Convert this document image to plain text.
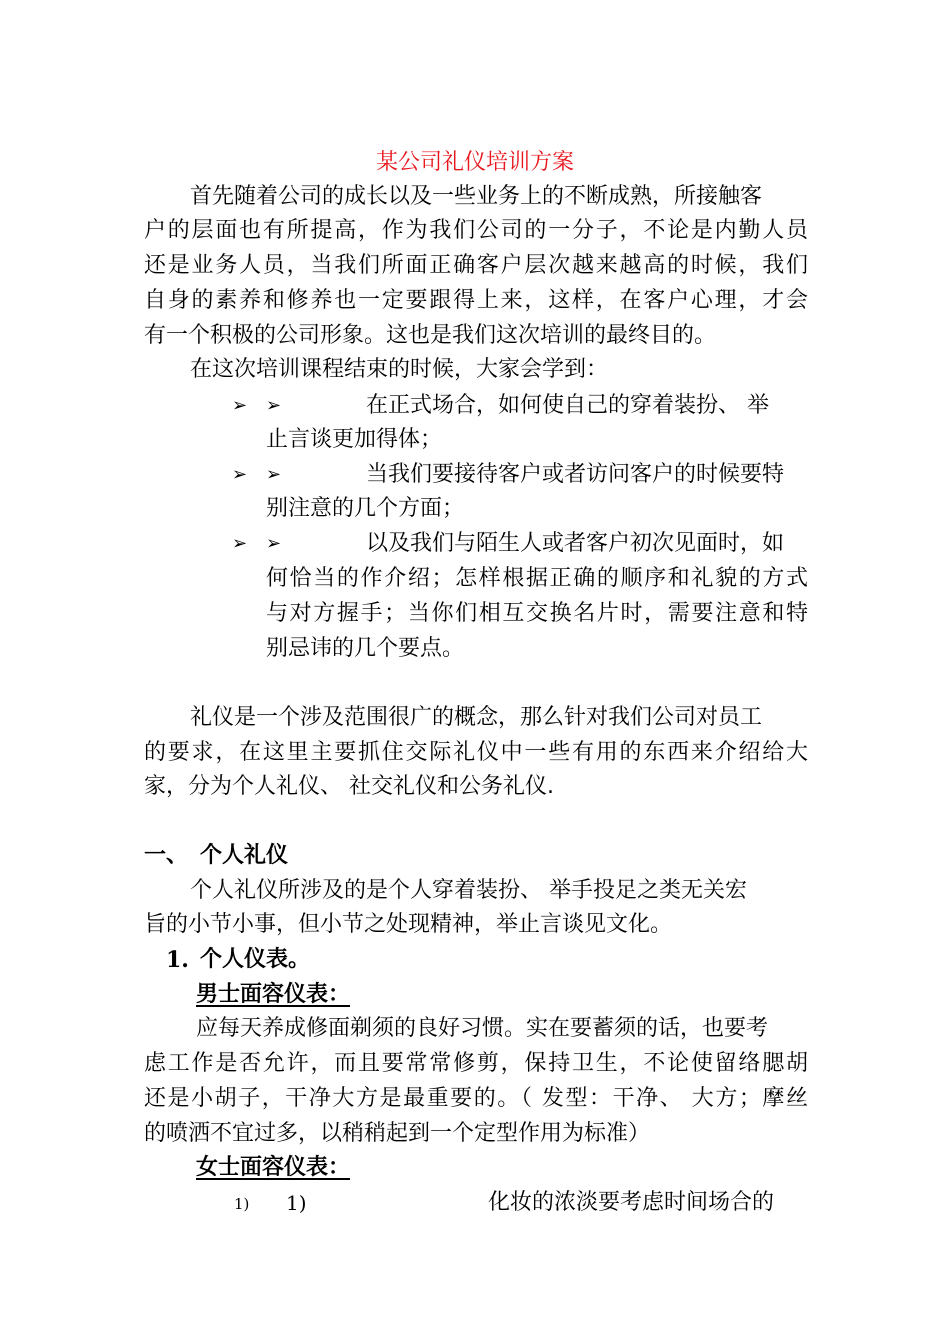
某公司礼仪培训方案
首先随着公司的成长以及一些业务上的不断成熟，所接触客
户的层面也有所提高，作为我们公司的一分子，不论是内勤人员
还是业务人员，当我们所面正确客户层次越来越高的时候，我们
自身的素养和修养也一定要跟得上来，这样，在客户心理，才会
有一个积极的公司形象。这也是我们这次培训的最终目的。
在这次培训课程结束的时候，大家会学到：
➢ ➢	在正式场合，如何使自己的穿着装扮、 举
止言谈更加得体；
➢ ➢	当我们要接待客户或者访问客户的时候要特
别注意的几个方面；
➢ ➢	以及我们与陌生人或者客户初次见面时，如
何恰当的作介绍；怎样根据正确的顺序和礼貌的方式
与对方握手；当你们相互交换名片时，需要注意和特
别忌讳的几个要点。
礼仪是一个涉及范围很广的概念，那么针对我们公司对员工
的要求，在这里主要抓住交际礼仪中一些有用的东西来介绍给大
家，分为个人礼仪、 社交礼仪和公务礼仪.
一、 个人礼仪
个人礼仪所涉及的是个人穿着装扮、 举手投足之类无关宏
旨的小节小事，但小节之处现精神，举止言谈见文化。
1. 个人仪表。
男士面容仪表：
应每天养成修面剃须的良好习惯。实在要蓄须的话，也要考
虑工作是否允许，而且要常常修剪，保持卫生，不论使留络腮胡
还是小胡子，干净大方是最重要的。（ 发型：干净、 大方；摩丝
的喷洒不宜过多，以稍稍起到一个定型作用为标准）
女士面容仪表：
1) 1)	化妆的浓淡要考虑时间场合的
